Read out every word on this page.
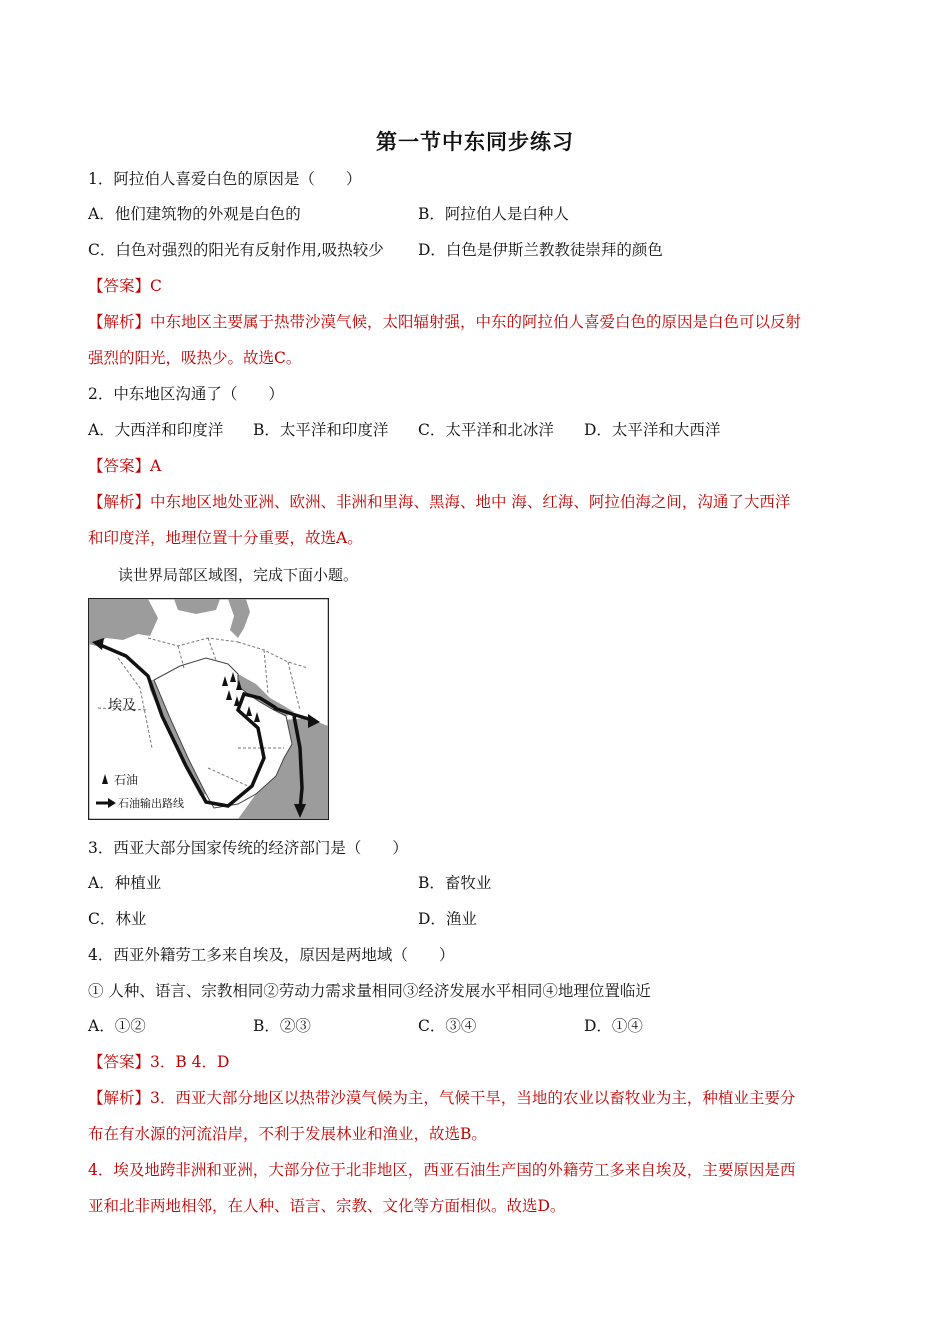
第一节中东同步练习
1．阿拉伯人喜爱白色的原因是（　　）
A．他们建筑物的外观是白色的	B．阿拉伯人是白种人
C．白色对强烈的阳光有反射作用,吸热较少 D．白色是伊斯兰教教徒崇拜的颜色
【答案】C
【解析】中东地区主要属于热带沙漠气候，太阳辐射强，中东的阿拉伯人喜爱白色的原因是白色可以反射
强烈的阳光，吸热少。故选C。
2．中东地区沟通了（　　）
A．大西洋和印度洋 B．太平洋和印度洋 C．太平洋和北冰洋 D．太平洋和大西洋
【答案】A
【解析】中东地区地处亚洲、欧洲、非洲和里海、黑海、地中 海、红海、阿拉伯海之间，沟通了大西洋
和印度洋，地理位置十分重要，故选A。
读世界局部区域图，完成下面小题。
埃及
石油
石油输出路线
3．西亚大部分国家传统的经济部门是（　　）
A．种植业	B．畜牧业
C．林业	D．渔业
4．西亚外籍劳工多来自埃及，原因是两地域（　　）
① 人种、语言、宗教相同②劳动力需求量相同③经济发展水平相同④地理位置临近
A．①②	B．②③	C．③④	D．①④
【答案】3．B 4．D
【解析】3．西亚大部分地区以热带沙漠气候为主，气候干旱，当地的农业以畜牧业为主，种植业主要分
布在有水源的河流沿岸，不利于发展林业和渔业，故选B。
4．埃及地跨非洲和亚洲，大部分位于北非地区，西亚石油生产国的外籍劳工多来自埃及，主要原因是西
亚和北非两地相邻，在人种、语言、宗教、文化等方面相似。故选D。
